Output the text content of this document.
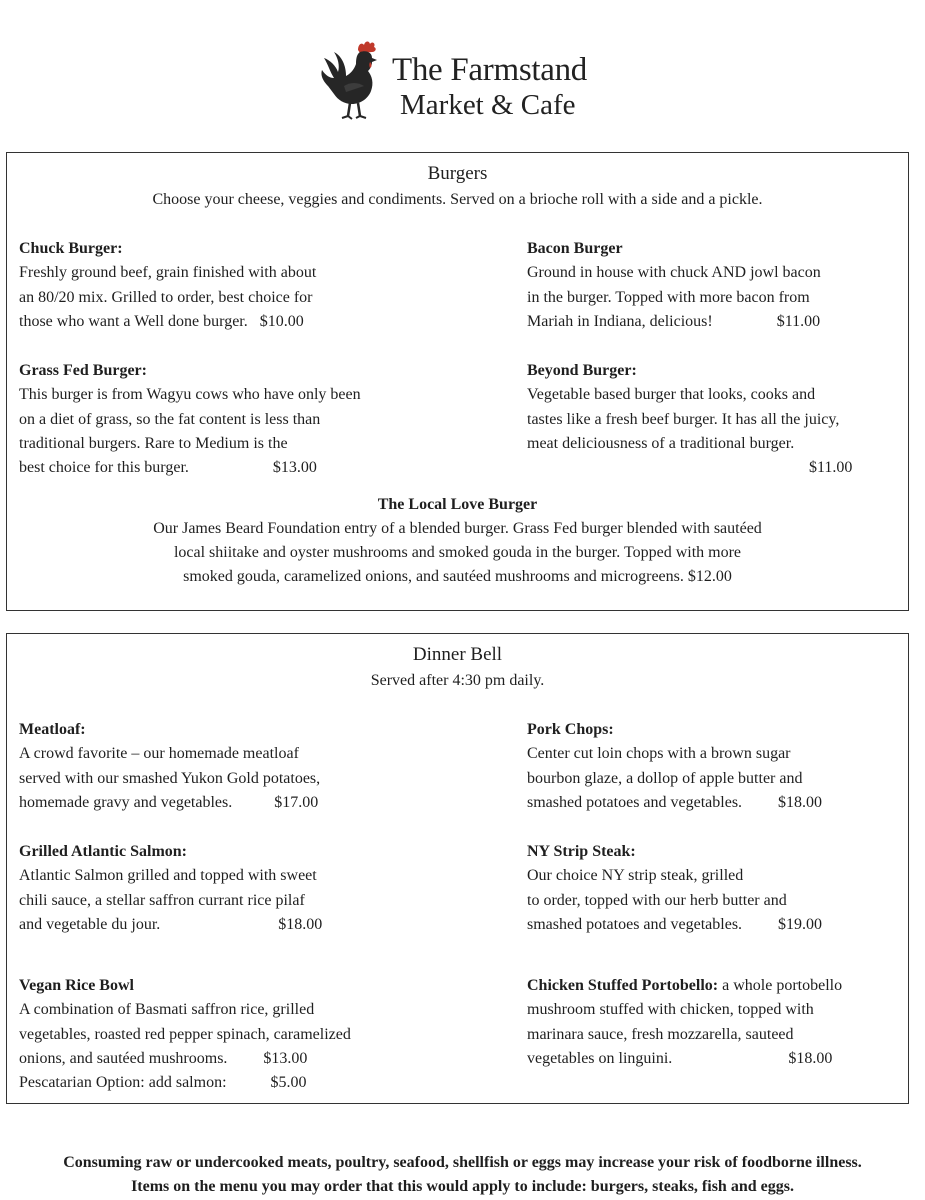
The Farmstand
Market & Cafe
Burgers
Choose your cheese, veggies and condiments. Served on a brioche roll with a side and a pickle.
Chuck Burger:
Freshly ground beef, grain finished with about
an 80/20 mix. Grilled to order, best choice for
those who want a Well done burger. $10.00
Bacon Burger
Ground in house with chuck AND jowl bacon
in the burger. Topped with more bacon from
Mariah in Indiana, delicious!	$11.00
Grass Fed Burger:
This burger is from Wagyu cows who have only been
on a diet of grass, so the fat content is less than
traditional burgers. Rare to Medium is the
best choice for this burger.	$13.00
Beyond Burger:
Vegetable based burger that looks, cooks and
tastes like a fresh beef burger. It has all the juicy,
meat deliciousness of a traditional burger.
$11.00
The Local Love Burger
Our James Beard Foundation entry of a blended burger. Grass Fed burger blended with sautéed
local shiitake and oyster mushrooms and smoked gouda in the burger. Topped with more
smoked gouda, caramelized onions, and sautéed mushrooms and microgreens. $12.00
Dinner Bell
Served after 4:30 pm daily.
Meatloaf:
A crowd favorite – our homemade meatloaf
served with our smashed Yukon Gold potatoes,
homemade gravy and vegetables.	$17.00
Pork Chops:
Center cut loin chops with a brown sugar
bourbon glaze, a dollop of apple butter and
smashed potatoes and vegetables. $18.00
Grilled Atlantic Salmon:
Atlantic Salmon grilled and topped with sweet
chili sauce, a stellar saffron currant rice pilaf
and vegetable du jour.	$18.00
NY Strip Steak:
Our choice NY strip steak, grilled
to order, topped with our herb butter and
smashed potatoes and vegetables. $19.00
Vegan Rice Bowl
A combination of Basmati saffron rice, grilled
vegetables, roasted red pepper spinach, caramelized
onions, and sautéed mushrooms. $13.00
Pescatarian Option: add salmon:	$5.00
Chicken Stuffed Portobello: a whole portobello
mushroom stuffed with chicken, topped with
marinara sauce, fresh mozzarella, sauteed
vegetables on linguini.	$18.00
Consuming raw or undercooked meats, poultry, seafood, shellfish or eggs may increase your risk of foodborne illness.
Items on the menu you may order that this would apply to include: burgers, steaks, fish and eggs.
